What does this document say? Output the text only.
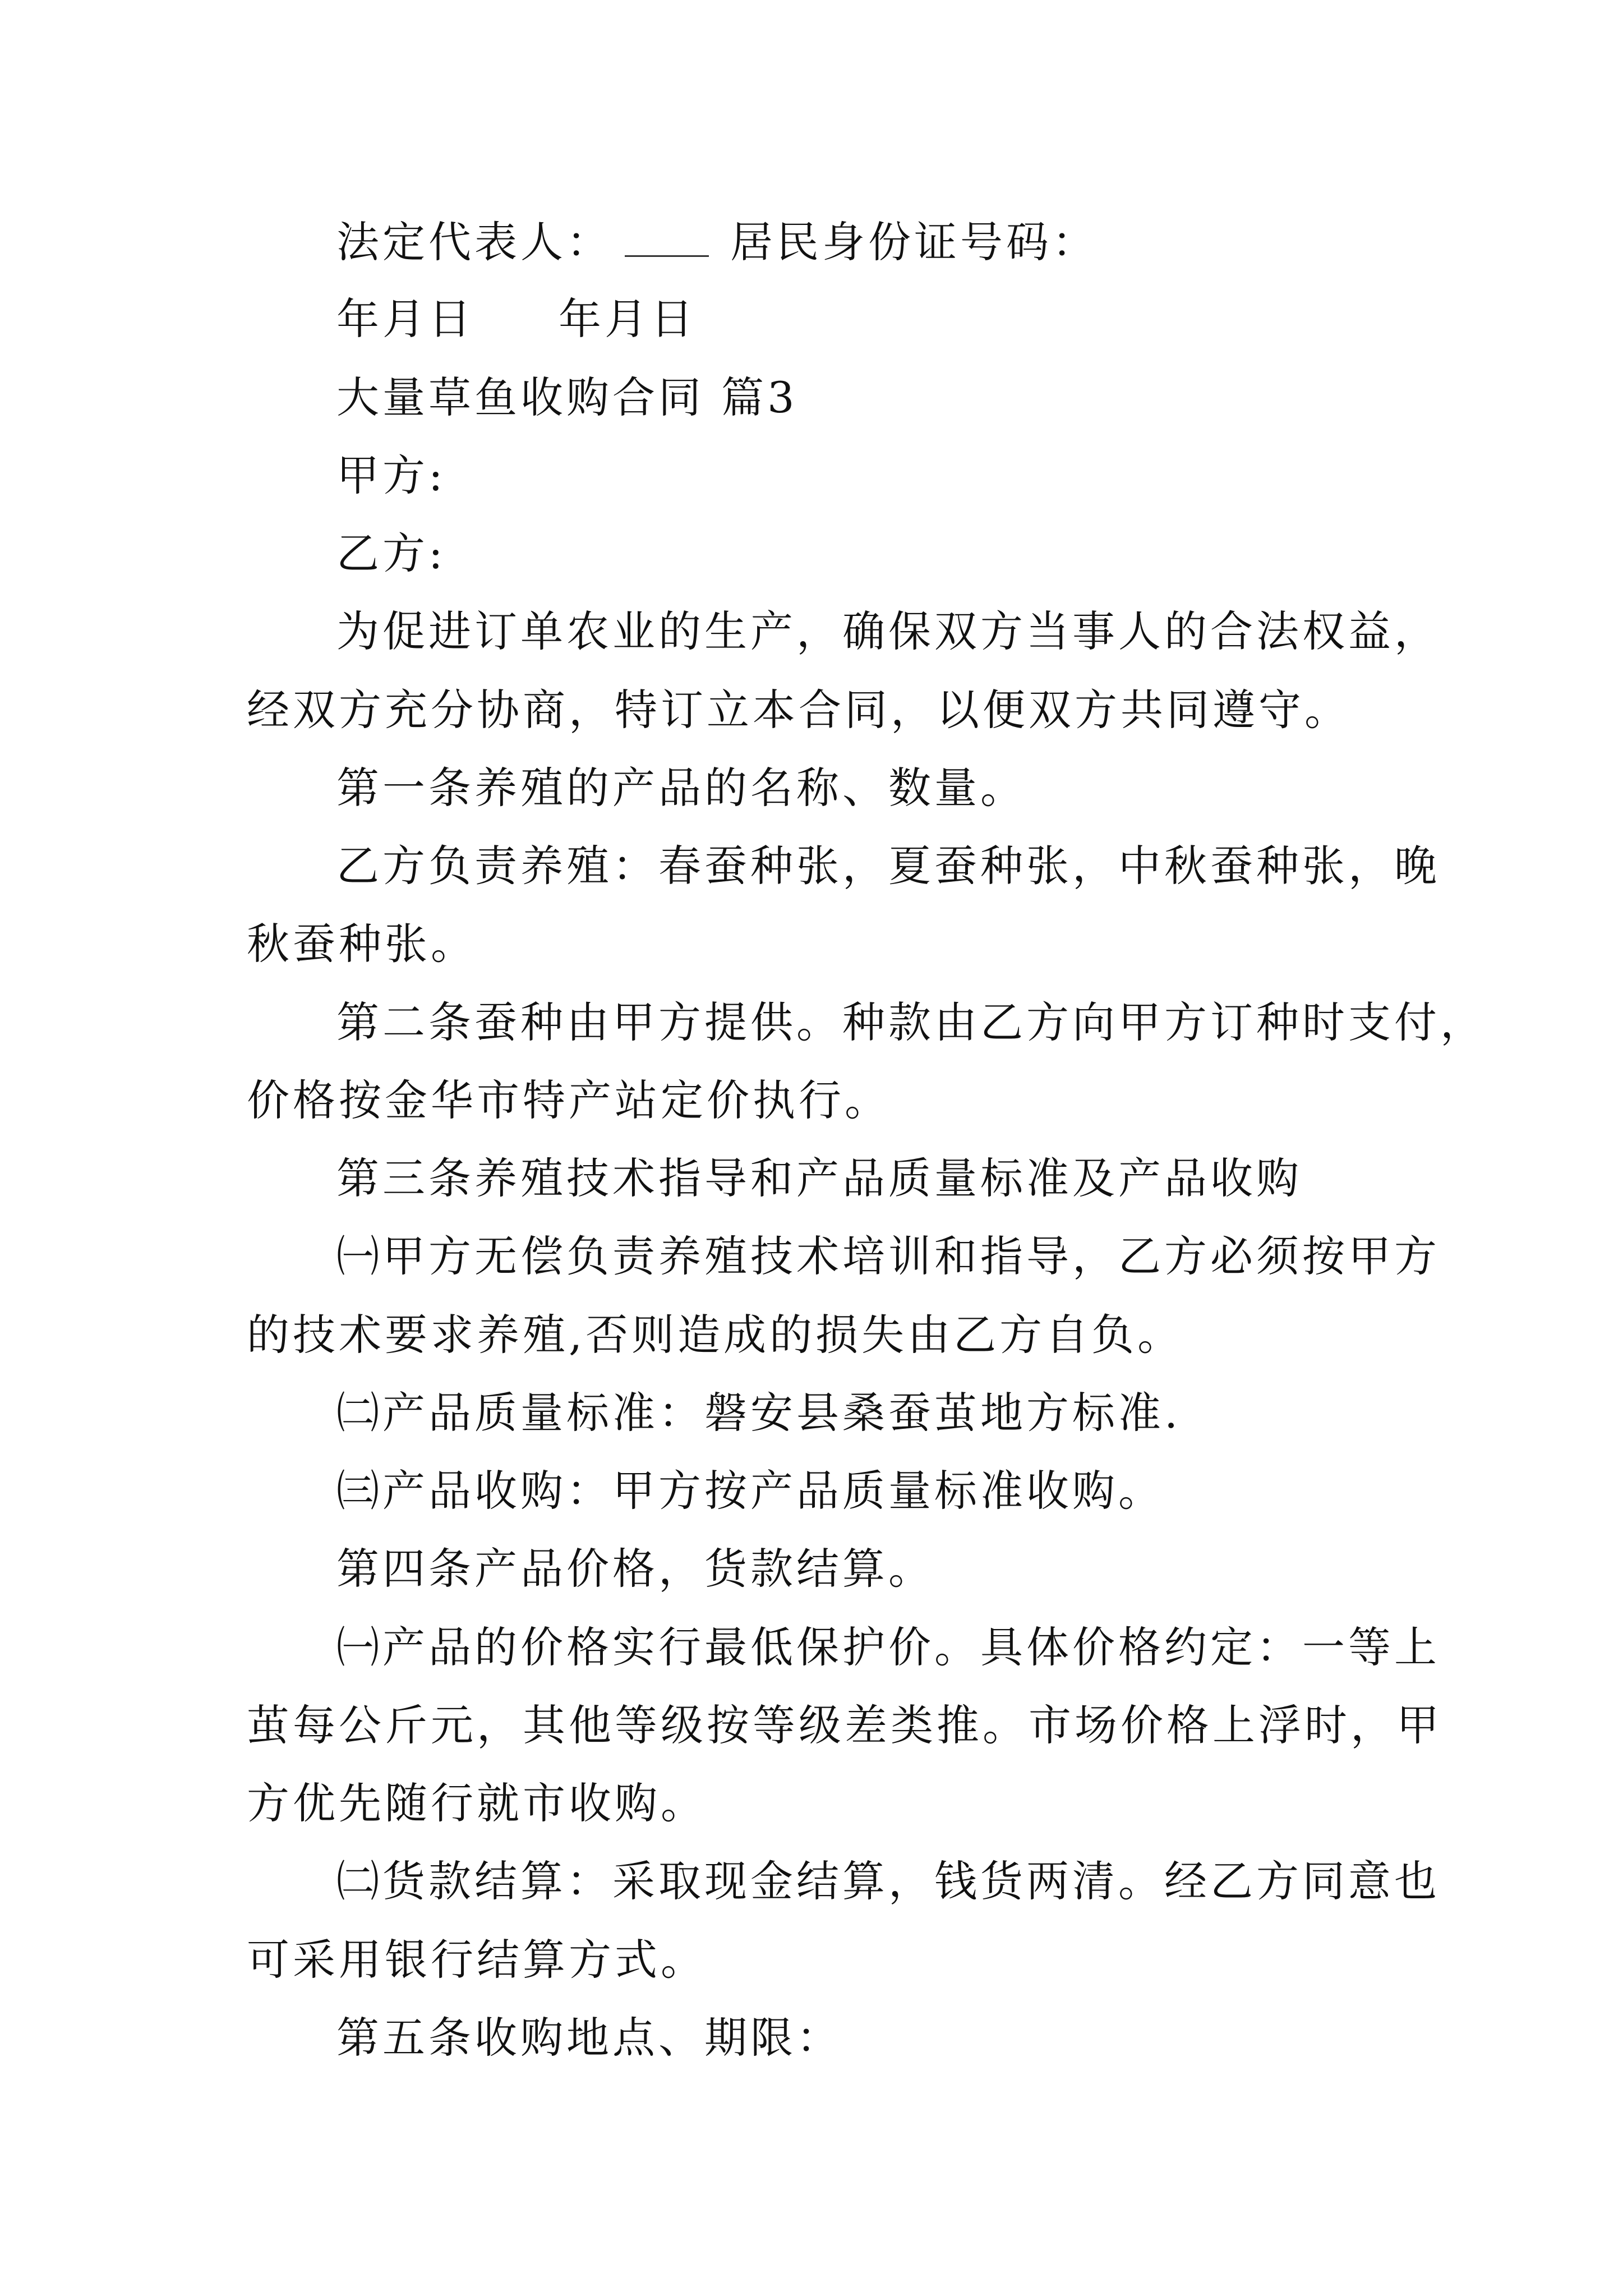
法定代表人：	居民身份证号码：
年月日 年月日
大量草鱼收购合同 篇3
甲方:
乙方:
为促进订单农业的生产，确保双方当事人的合法权益，
经双方充分协商，特订立本合同，以便双方共同遵守。
第一条养殖的产品的名称、数量。
乙方负责养殖：春蚕种张，夏蚕种张，中秋蚕种张，晚
秋蚕种张。
第二条蚕种由甲方提供。种款由乙方向甲方订种时支付，
价格按金华市特产站定价执行。
第三条养殖技术指导和产品质量标准及产品收购
㈠甲方无偿负责养殖技术培训和指导，乙方必须按甲方
的技术要求养殖,否则造成的损失由乙方自负。
㈡产品质量标准：磐安县桑蚕茧地方标准.
㈢产品收购：甲方按产品质量标准收购。
第四条产品价格，货款结算。
㈠产品的价格实行最低保护价。具体价格约定：一等上
茧每公斤元，其他等级按等级差类推。市场价格上浮时，甲
方优先随行就市收购。
㈡货款结算：采取现金结算，钱货两清。经乙方同意也
可采用银行结算方式。
第五条收购地点、期限：
